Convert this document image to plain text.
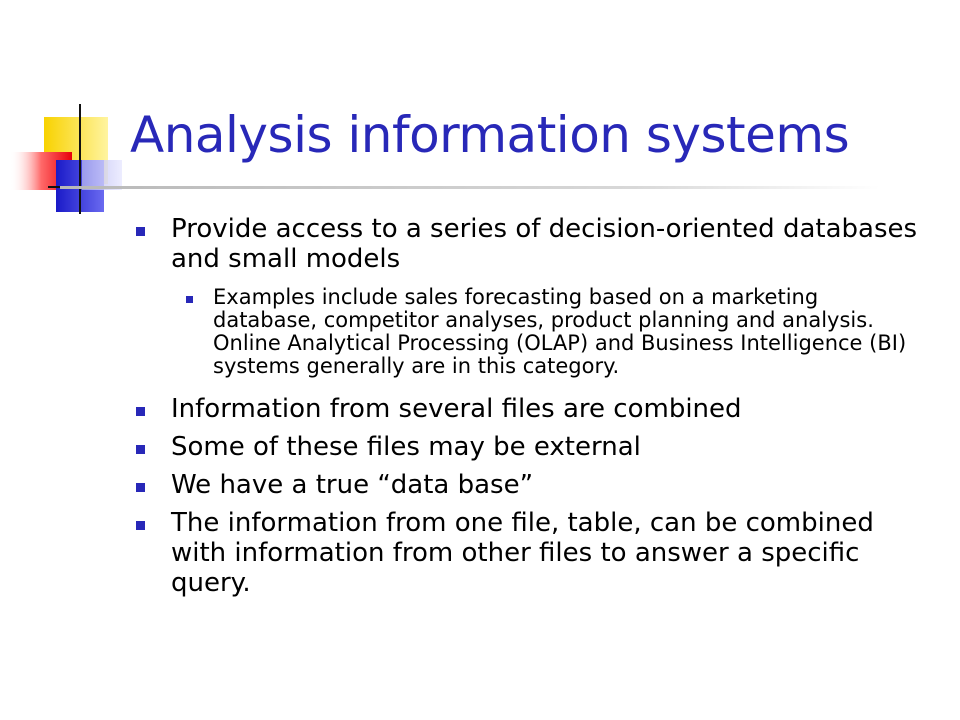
Analysis information systems
Provide access to a series of decision-oriented databases and small models
Examples include sales forecasting based on a marketing database, competitor analyses, product planning and analysis. Online Analytical Processing (OLAP) and Business Intelligence (BI) systems generally are in this category.
Information from several files are combined
Some of these files may be external
We have a true “data base”
The information from one file, table, can be combined with information from other files to answer a specific query.
